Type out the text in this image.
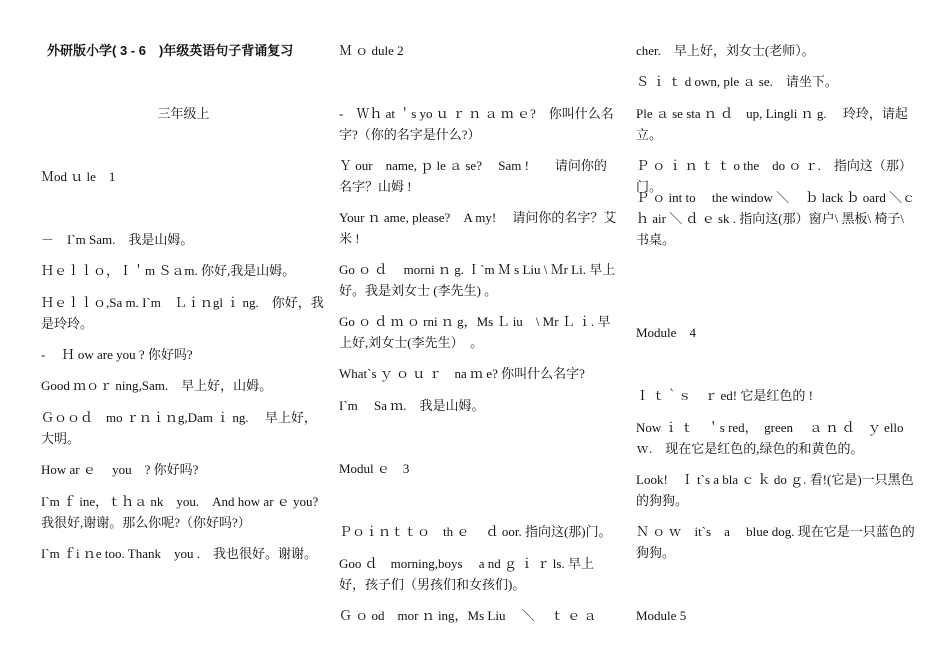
外研版小学( 3 - 6　)年级英语句子背诵复习

三年级上

Ｍod ｕ le　1

－　I`m Sam.　我是山姆。

Ｈｅｌｌｏ，Ｉ＇m Ｓａm. 你好,我是山姆。

Ｈｅｌｌｏ,Sa m. I`m　Ｌｉｎgl ｉ ng.　你好，我是玲玲。

-　 Ｈ ow are you ? 你好吗?

Good ｍｏｒ ning,Sam.　早上好，山姆。

Ｇｏｏｄ　mo ｒｎｉｎg,Dam ｉ ng.　 早上好，大明。

How ar ｅ　 you　? 你好吗?

I`m ｆ ine，ｔｈａ nk　you.　And how ar ｅ you? 我很好,谢谢。那么你呢?（你好吗?）

I`m ｆi ｎe too. Thank　you .　我也很好。谢谢。

Ｍ ｏ dule 2

-　Ｗｈ at ＇s yo ｕ ｒ ｎ ａ ｍ ｅ?　你叫什么名字?（你的名字是什么?）

Ｙ our　name, ｐ le ａ se?　 Sam !　　请问你的名字？山姆 !

Your ｎ ame, please?　A my!　 请问你的名字？艾米 !

Go ｏ ｄ　 morni ｎ g. Ｉ`m Ｍ s Liu \ Ｍr Li. 早上好。我是刘女士 (李先生) 。

Go ｏ ｄ ｍ ｏ rni ｎ g，Ms Ｌ iu　\ Mr Ｌ ｉ. 早上好,刘女士(李先生）　。

What`s ｙ ｏ ｕ ｒ　na ｍ e? 你叫什么名字?

I`m　 Sa ｍ.　我是山姆。

Modul ｅ　3

Ｐｏｉｎｔｔｏ　th ｅ　 ｄ oor. 指向这(那)门。

Goo ｄ　morning,boys　 a nd ｇ ｉ ｒ ls. 早上好，孩子们（男孩们和女孩们)。

Ｇ ｏ od　mor ｎ ing，Ms Liu　 ＼　 ｔ ｅ ａ

cher.　早上好，刘女士(老师）。

Ｓ ｉ ｔ d own, ple ａ se.　请坐下。

Ple ａ se sta ｎ ｄ　up, Lingli ｎ g.　 玲玲，请起立。

Ｐ ｏ ｉ ｎ ｔ ｔ o the　do ｏ ｒ.　指向这（那）门。

Ｐ ｏ int to　 the window ＼　 ｂ lack ｂ oard ＼ｃ ｈ air ＼ ｄ ｅ sk . 指向这(那）窗户\ 黑板\ 椅子\　书桌。

Module　4

Ｉ ｔ｀ｓ　ｒ ed! 它是红色的 !

Now ｉ ｔ　＇s red，　green　 ａ ｎ ｄ　ｙ ello ｗ.　现在它是红色的,绿色的和黄色的。

Look!　Ｉ t`s a bla ｃ ｋ do ｇ. 看!(它是)一只黑色的狗狗。

Ｎ ｏ ｗ　it`s　a　 blue dog. 现在它是一只蓝色的狗狗。

Module 5
